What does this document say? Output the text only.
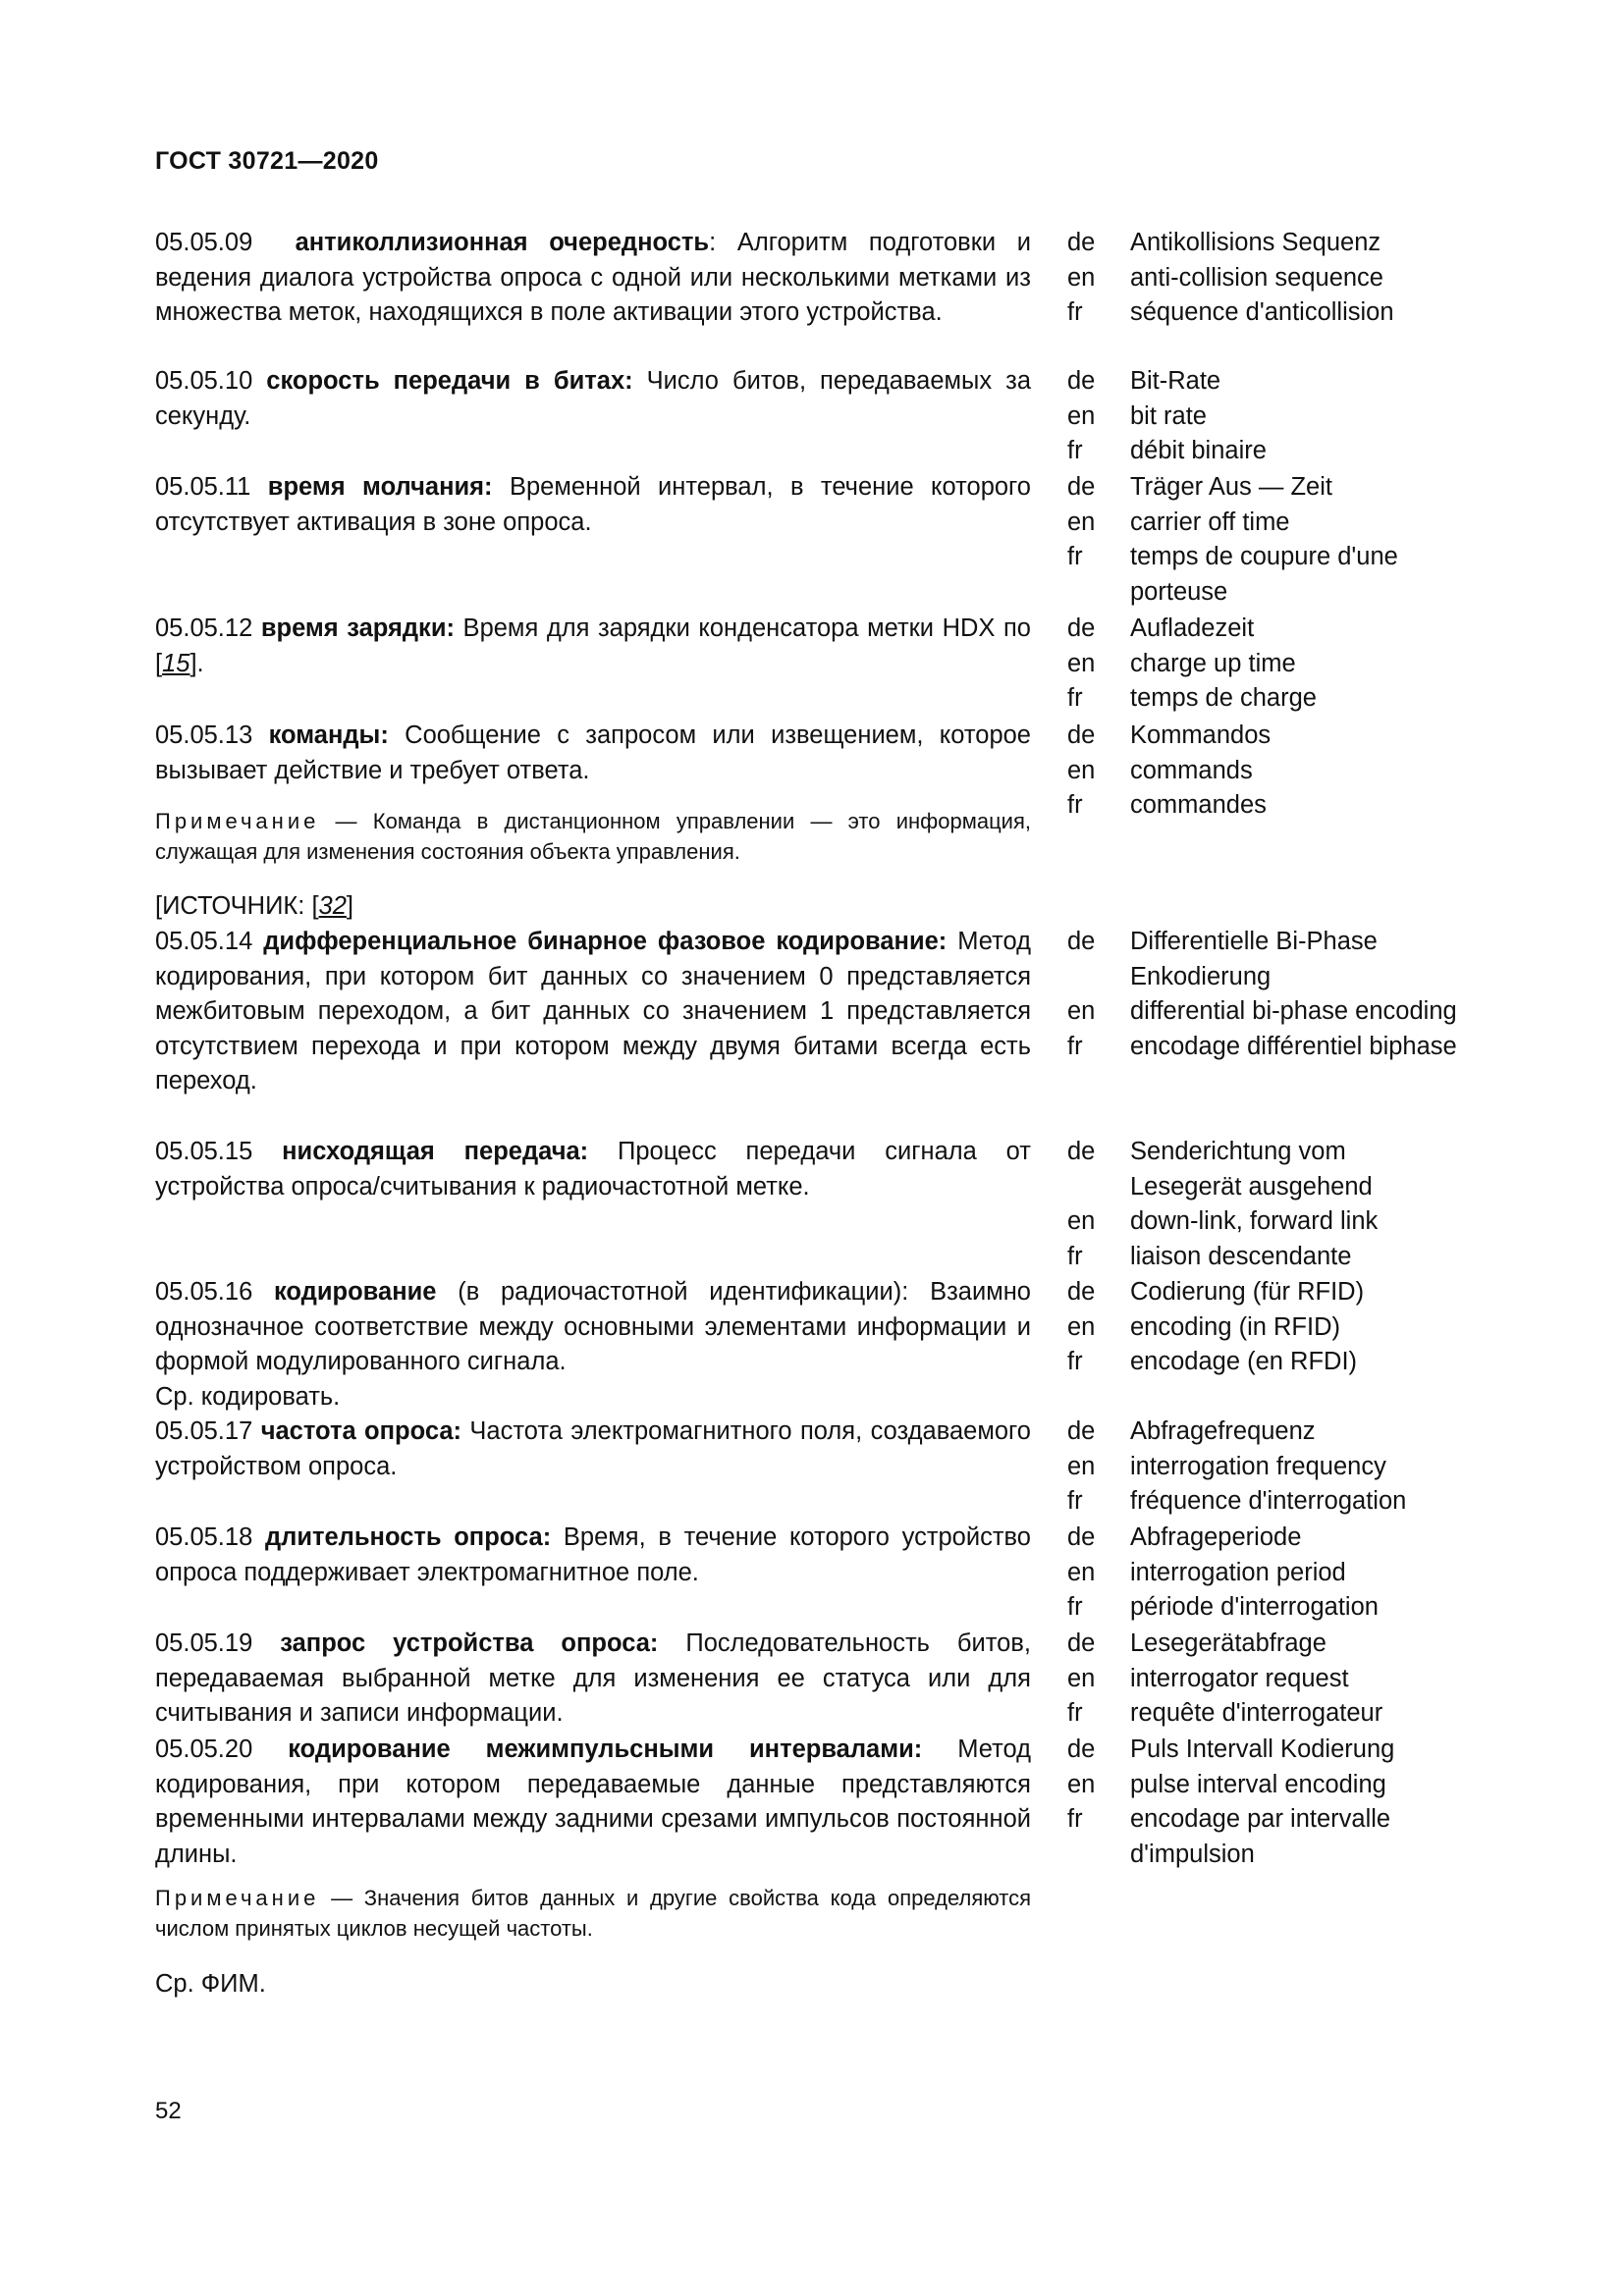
ГОСТ 30721—2020
05.05.09 антиколлизионная очередность: Алгоритм подготовки и ведения диалога устройства опроса с одной или несколькими метками из множества меток, находящихся в поле активации этого устройства.
de	Antikollisions Sequenz
en	anti-collision sequence
fr	séquence d'anticollision
05.05.10 скорость передачи в битах: Число битов, передаваемых за секунду.
de	Bit-Rate
en	bit rate
fr	débit binaire
05.05.11 время молчания: Временной интервал, в течение которого отсутствует активация в зоне опроса.
de	Träger Aus — Zeit
en	carrier off time
fr	temps de coupure d'une porteuse
05.05.12 время зарядки: Время для зарядки конденсатора метки HDX по [15].
de	Aufladezeit
en	charge up time
fr	temps de charge
05.05.13 команды: Сообщение с запросом или извещением, которое вызывает действие и требует ответа.
Примечание — Команда в дистанционном управлении — это информация, служащая для изменения состояния объекта управления.
[ИСТОЧНИК: [32]
de	Kommandos
en	commands
fr	commandes
05.05.14 дифференциальное бинарное фазовое кодирование: Метод кодирования, при котором бит данных со значением 0 представляется межбитовым переходом, а бит данных со значением 1 представляется отсутствием перехода и при котором между двумя битами всегда есть переход.
de	Differentielle Bi-Phase Enkodierung
en	differential bi-phase encoding
fr	encodage différentiel biphase
05.05.15 нисходящая передача: Процесс передачи сигнала от устройства опроса/считывания к радиочастотной метке.
de	Senderichtung vom Lesegerät ausgehend
en	down-link, forward link
fr	liaison descendante
05.05.16 кодирование (в радиочастотной идентификации): Взаимно однозначное соответствие между основными элементами информации и формой модулированного сигнала.
Ср. кодировать.
de	Codierung (für RFID)
en	encoding (in RFID)
fr	encodage (en RFDI)
05.05.17 частота опроса: Частота электромагнитного поля, создаваемого устройством опроса.
de	Abfragefrequenz
en	interrogation frequency
fr	fréquence d'interrogation
05.05.18 длительность опроса: Время, в течение которого устройство опроса поддерживает электромагнитное поле.
de	Abfrageperiode
en	interrogation period
fr	période d'interrogation
05.05.19 запрос устройства опроса: Последовательность битов, передаваемая выбранной метке для изменения ее статуса или для считывания и записи информации.
de	Lesegerätabfrage
en	interrogator request
fr	requête d'interrogateur
05.05.20 кодирование межимпульсными интервалами: Метод кодирования, при котором передаваемые данные представляются временными интервалами между задними срезами импульсов постоянной длины.
Примечание — Значения битов данных и другие свойства кода определяются числом принятых циклов несущей частоты.
Ср. ФИМ.
de	Puls Intervall Kodierung
en	pulse interval encoding
fr	encodage par intervalle d'impulsion
52
